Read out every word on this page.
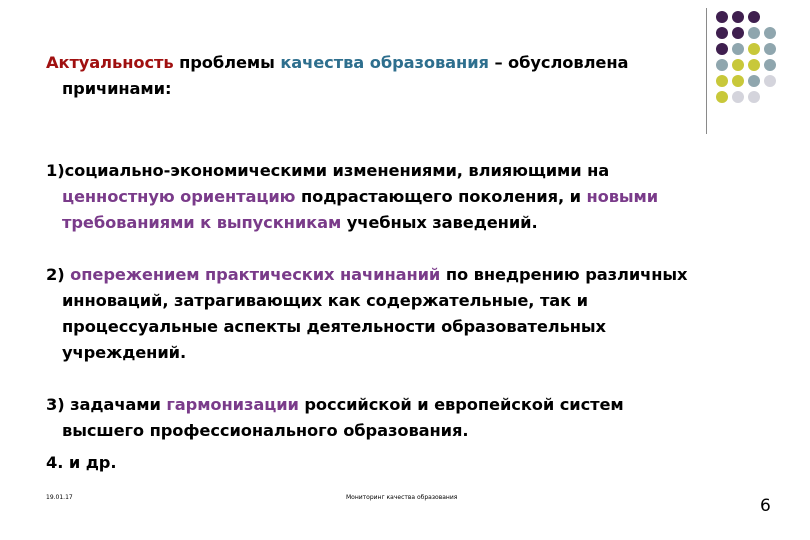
Актуальность проблемы качества образования – обусловлена причинами:

1)социально-экономическими изменениями, влияющими на ценностную ориентацию подрастающего поколения, и новыми требованиями к выпускникам учебных заведений.

2) опережением практических начинаний по внедрению различных инноваций, затрагивающих как содержательные, так и процессуальные аспекты деятельности образовательных учреждений.

3) задачами гармонизации российской и европейской систем высшего профессионального образования.

4. и др.

19.01.17	Мониторинг качества образования	6
